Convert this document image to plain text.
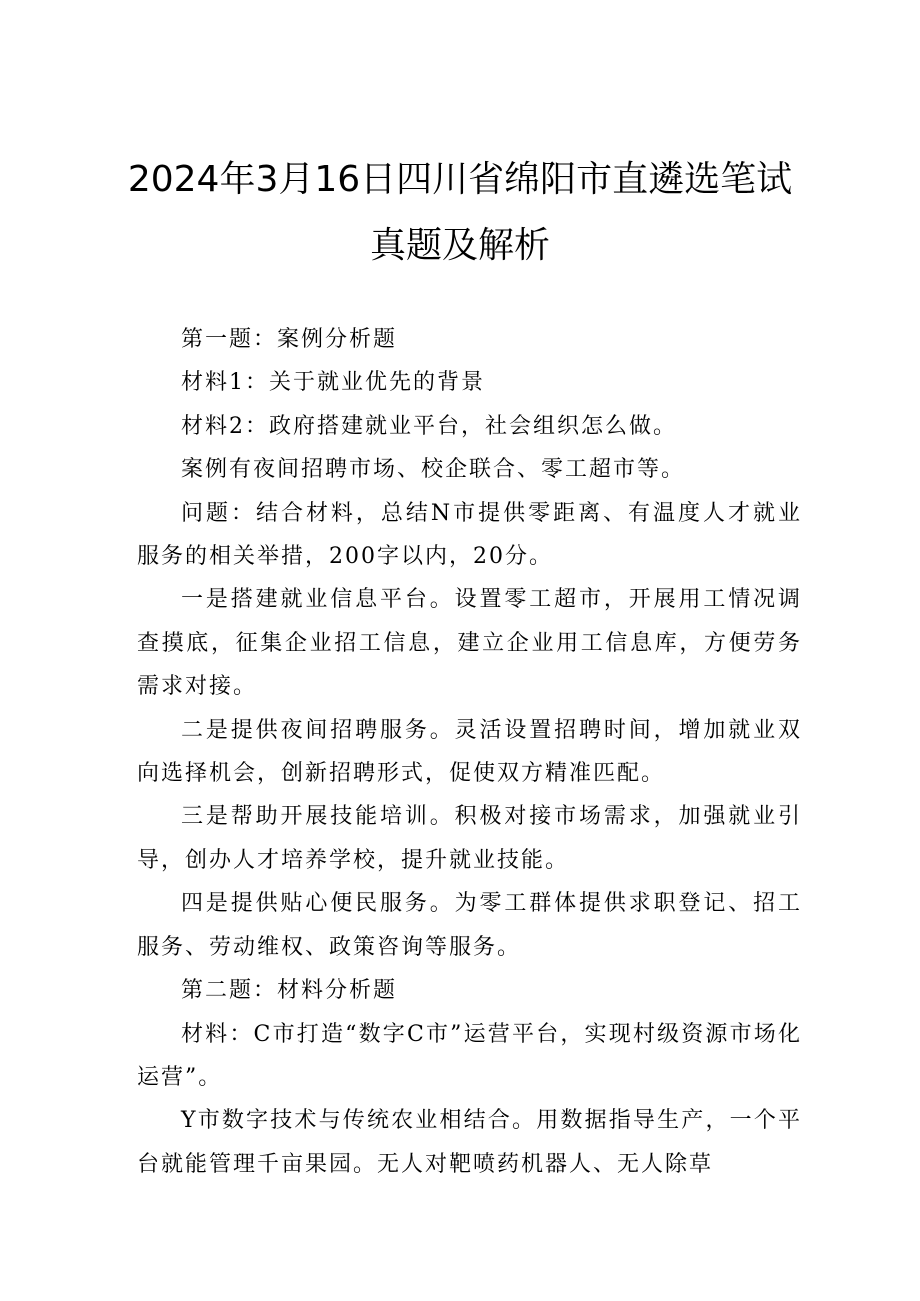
2024年3月16日四川省绵阳市直遴选笔试
真题及解析

第一题：案例分析题

材料1：关于就业优先的背景

材料2：政府搭建就业平台，社会组织怎么做。

案例有夜间招聘市场、校企联合、零工超市等。

问题：结合材料，总结N市提供零距离、有温度人才就业服务的相关举措，200字以内，20分。

一是搭建就业信息平台。设置零工超市，开展用工情况调查摸底，征集企业招工信息，建立企业用工信息库，方便劳务需求对接。

二是提供夜间招聘服务。灵活设置招聘时间，增加就业双向选择机会，创新招聘形式，促使双方精准匹配。

三是帮助开展技能培训。积极对接市场需求，加强就业引导，创办人才培养学校，提升就业技能。

四是提供贴心便民服务。为零工群体提供求职登记、招工服务、劳动维权、政策咨询等服务。

第二题：材料分析题

材料：C市打造“数字C市”运营平台，实现村级资源市场化运营”。

Y市数字技术与传统农业相结合。用数据指导生产，一个平台就能管理千亩果园。无人对靶喷药机器人、无人除草
